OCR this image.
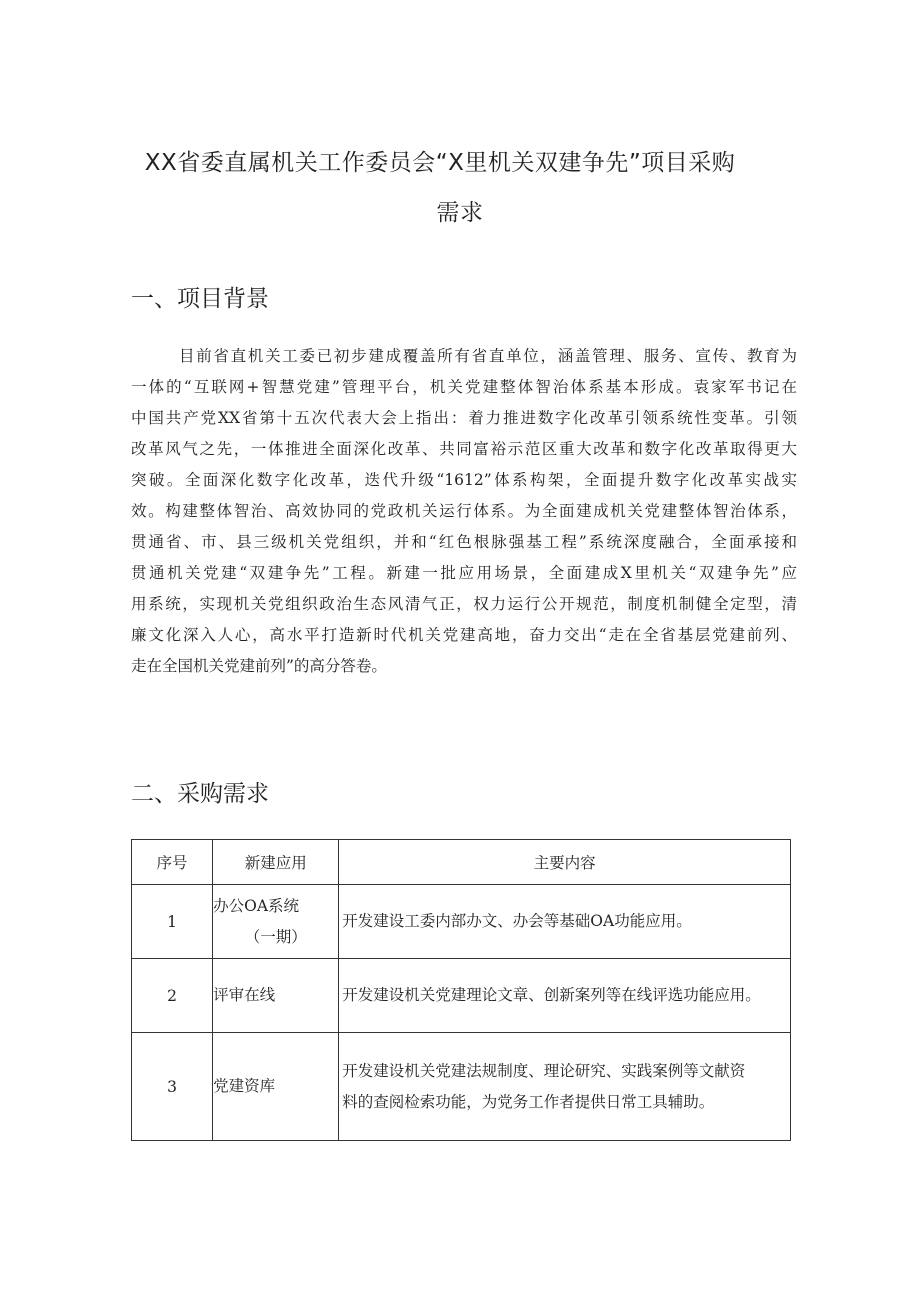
XX省委直属机关工作委员会“X里机关双建争先”项目采购
需求
一、项目背景
目前省直机关工委已初步建成覆盖所有省直单位，涵盖管理、服务、宣传、教育为
一体的“互联网+智慧党建”管理平台，机关党建整体智治体系基本形成。袁家军书记在
中国共产党XX省第十五次代表大会上指出：着力推进数字化改革引领系统性变革。引领
改革风气之先，一体推进全面深化改革、共同富裕示范区重大改革和数字化改革取得更大
突破。全面深化数字化改革，迭代升级“1612”体系构架，全面提升数字化改革实战实
效。构建整体智治、高效协同的党政机关运行体系。为全面建成机关党建整体智治体系，
贯通省、市、县三级机关党组织，并和“红色根脉强基工程”系统深度融合，全面承接和
贯通机关党建“双建争先”工程。新建一批应用场景，全面建成X里机关“双建争先”应
用系统，实现机关党组织政治生态风清气正，权力运行公开规范，制度机制健全定型，清
廉文化深入人心，高水平打造新时代机关党建高地，奋力交出“走在全省基层党建前列、
走在全国机关党建前列”的高分答卷。
二、采购需求
序号	新建应用	主要内容
1	办公OA系统
（一期）	开发建设工委内部办文、办会等基础OA功能应用。
2	评审在线	开发建设机关党建理论文章、创新案列等在线评选功能应用。
3	党建资库	开发建设机关党建法规制度、理论研究、实践案例等文献资
料的查阅检索功能，为党务工作者提供日常工具辅助。
